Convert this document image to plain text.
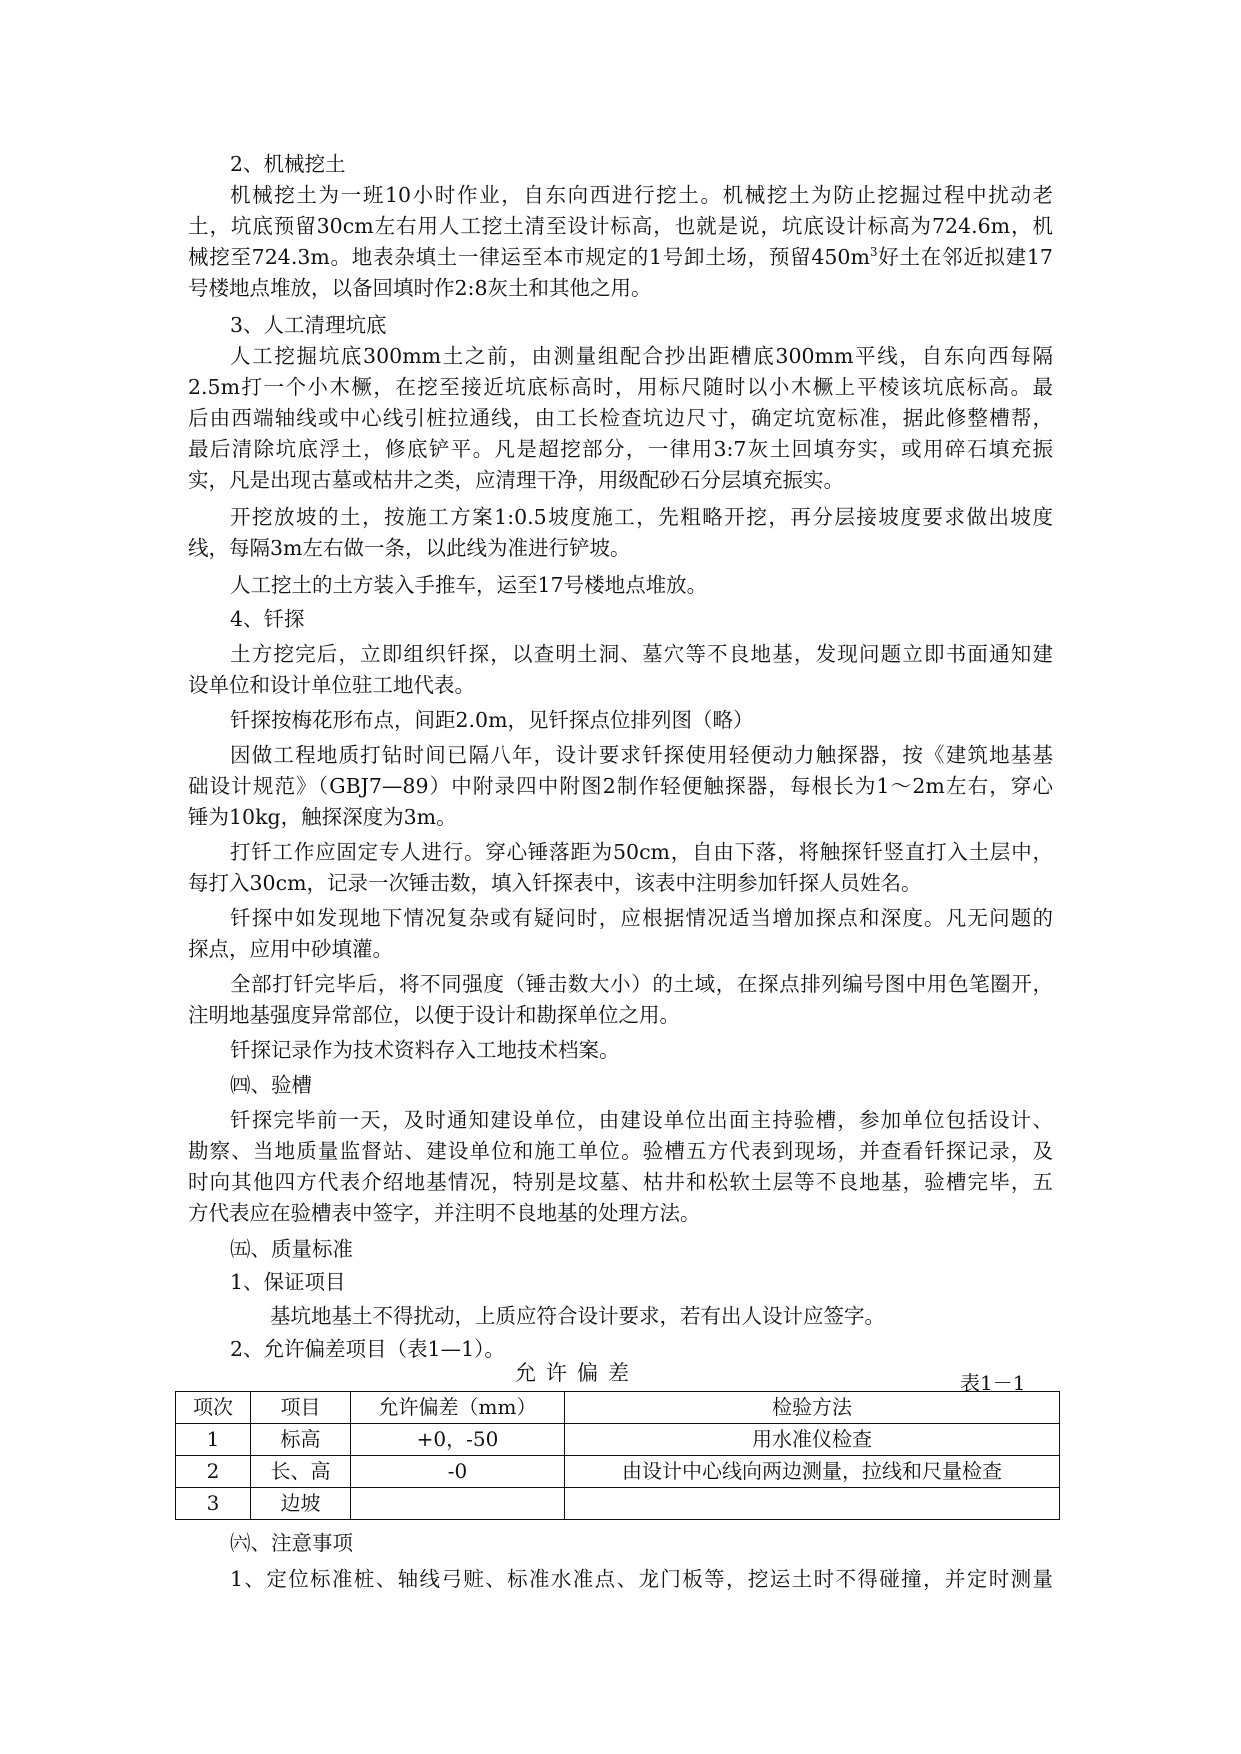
2、机械挖土
机械挖土为一班10小时作业，自东向西进行挖土。机械挖土为防止挖掘过程中扰动老
土，坑底预留30cm左右用人工挖土清至设计标高，也就是说，坑底设计标高为724.6m，机
械挖至724.3m。地表杂填土一律运至本市规定的1号卸土场，预留$450m^3$好土在邻近拟建17
号楼地点堆放，以备回填时作2:8灰土和其他之用。
3、人工清理坑底
人工挖掘坑底300mm土之前，由测量组配合抄出距槽底300mm平线，自东向西每隔
2.5m打一个小木橛，在挖至接近坑底标高时，用标尺随时以小木橛上平棱该坑底标高。最
后由西端轴线或中心线引桩拉通线，由工长检查坑边尺寸，确定坑宽标准，据此修整槽帮，
最后清除坑底浮土，修底铲平。凡是超挖部分，一律用3:7灰土回填夯实，或用碎石填充振
实，凡是出现古墓或枯井之类，应清理干净，用级配砂石分层填充振实。
开挖放坡的土，按施工方案1:0.5坡度施工，先粗略开挖，再分层接坡度要求做出坡度
线，每隔3m左右做一条，以此线为准进行铲坡。
人工挖土的土方装入手推车，运至17号楼地点堆放。
4、钎探
土方挖完后，立即组织钎探，以查明土洞、墓穴等不良地基，发现问题立即书面通知建
设单位和设计单位驻工地代表。
钎探按梅花形布点，间距2.0m，见钎探点位排列图（略）
因做工程地质打钻时间已隔八年，设计要求钎探使用轻便动力触探器，按《建筑地基基
础设计规范》（GBJ7—89）中附录四中附图2制作轻便触探器，每根长为1～2m左右，穿心
锤为10kg，触探深度为3m。
打钎工作应固定专人进行。穿心锤落距为50cm，自由下落，将触探钎竖直打入土层中，
每打入30cm，记录一次锤击数，填入钎探表中，该表中注明参加钎探人员姓名。
钎探中如发现地下情况复杂或有疑问时，应根据情况适当增加探点和深度。凡无问题的
探点，应用中砂填灌。
全部打钎完毕后，将不同强度（锤击数大小）的土域，在探点排列编号图中用色笔圈开，
注明地基强度异常部位，以便于设计和勘探单位之用。
钎探记录作为技术资料存入工地技术档案。
㈣、验槽
钎探完毕前一天，及时通知建设单位，由建设单位出面主持验槽，参加单位包括设计、
勘察、当地质量监督站、建设单位和施工单位。验槽五方代表到现场，并查看钎探记录，及
时向其他四方代表介绍地基情况，特别是坟墓、枯井和松软土层等不良地基，验槽完毕，五
方代表应在验槽表中签字，并注明不良地基的处理方法。
㈤、质量标准
1、保证项目
基坑地基土不得扰动，上质应符合设计要求，若有出人设计应签字。
2、允许偏差项目（表1—1）。
允许偏差	表1－1
项次	项目	允许偏差（mm）	检验方法
1	标高	+0，-50	用水准仪检查
2	长、高	-0	由设计中心线向两边测量，拉线和尺量检查
3	边坡		
㈥、注意事项
1、定位标准桩、轴线弓赃、标准水准点、龙门板等，挖运土时不得碰撞，并定时测量
